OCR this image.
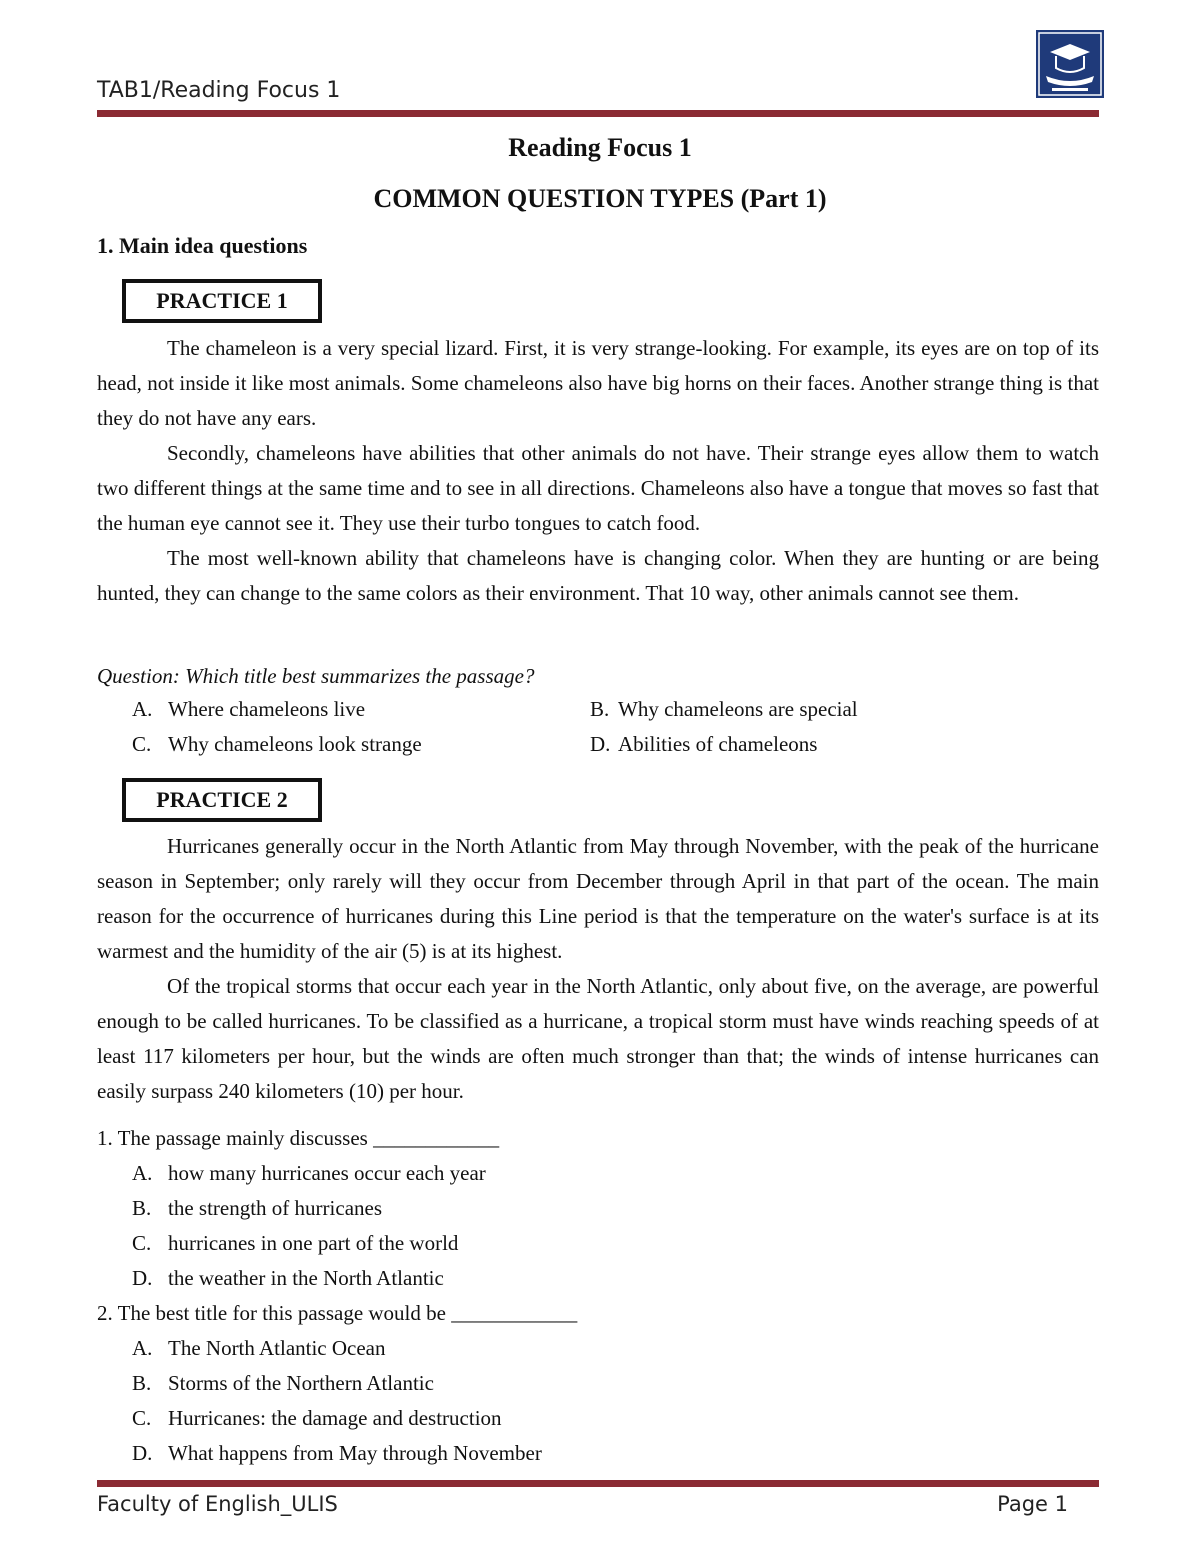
TAB1/Reading Focus 1
Reading Focus 1
COMMON QUESTION TYPES (Part 1)
1. Main idea questions
PRACTICE 1

The chameleon is a very special lizard. First, it is very strange-looking. For example, its eyes are on top of its head, not inside it like most animals. Some chameleons also have big horns on their faces. Another strange thing is that they do not have any ears.

Secondly, chameleons have abilities that other animals do not have. Their strange eyes allow them to watch two different things at the same time and to see in all directions. Chameleons also have a tongue that moves so fast that the human eye cannot see it. They use their turbo tongues to catch food.

The most well-known ability that chameleons have is changing color. When they are hunting or are being hunted, they can change to the same colors as their environment. That 10 way, other animals cannot see them.

Question: Which title best summarizes the passage?
A. Where chameleons live	B. Why chameleons are special
C. Why chameleons look strange	D. Abilities of chameleons
PRACTICE 2

Hurricanes generally occur in the North Atlantic from May through November, with the peak of the hurricane season in September; only rarely will they occur from December through April in that part of the ocean. The main reason for the occurrence of hurricanes during this Line period is that the temperature on the water's surface is at its warmest and the humidity of the air (5) is at its highest.

Of the tropical storms that occur each year in the North Atlantic, only about five, on the average, are powerful enough to be called hurricanes. To be classified as a hurricane, a tropical storm must have winds reaching speeds of at least 117 kilometers per hour, but the winds are often much stronger than that; the winds of intense hurricanes can easily surpass 240 kilometers (10) per hour.

1. The passage mainly discusses ____________
A. how many hurricanes occur each year
B. the strength of hurricanes
C. hurricanes in one part of the world
D. the weather in the North Atlantic
2. The best title for this passage would be ____________
A. The North Atlantic Ocean
B. Storms of the Northern Atlantic
C. Hurricanes: the damage and destruction
D. What happens from May through November
Faculty of English_ULIS	Page 1
